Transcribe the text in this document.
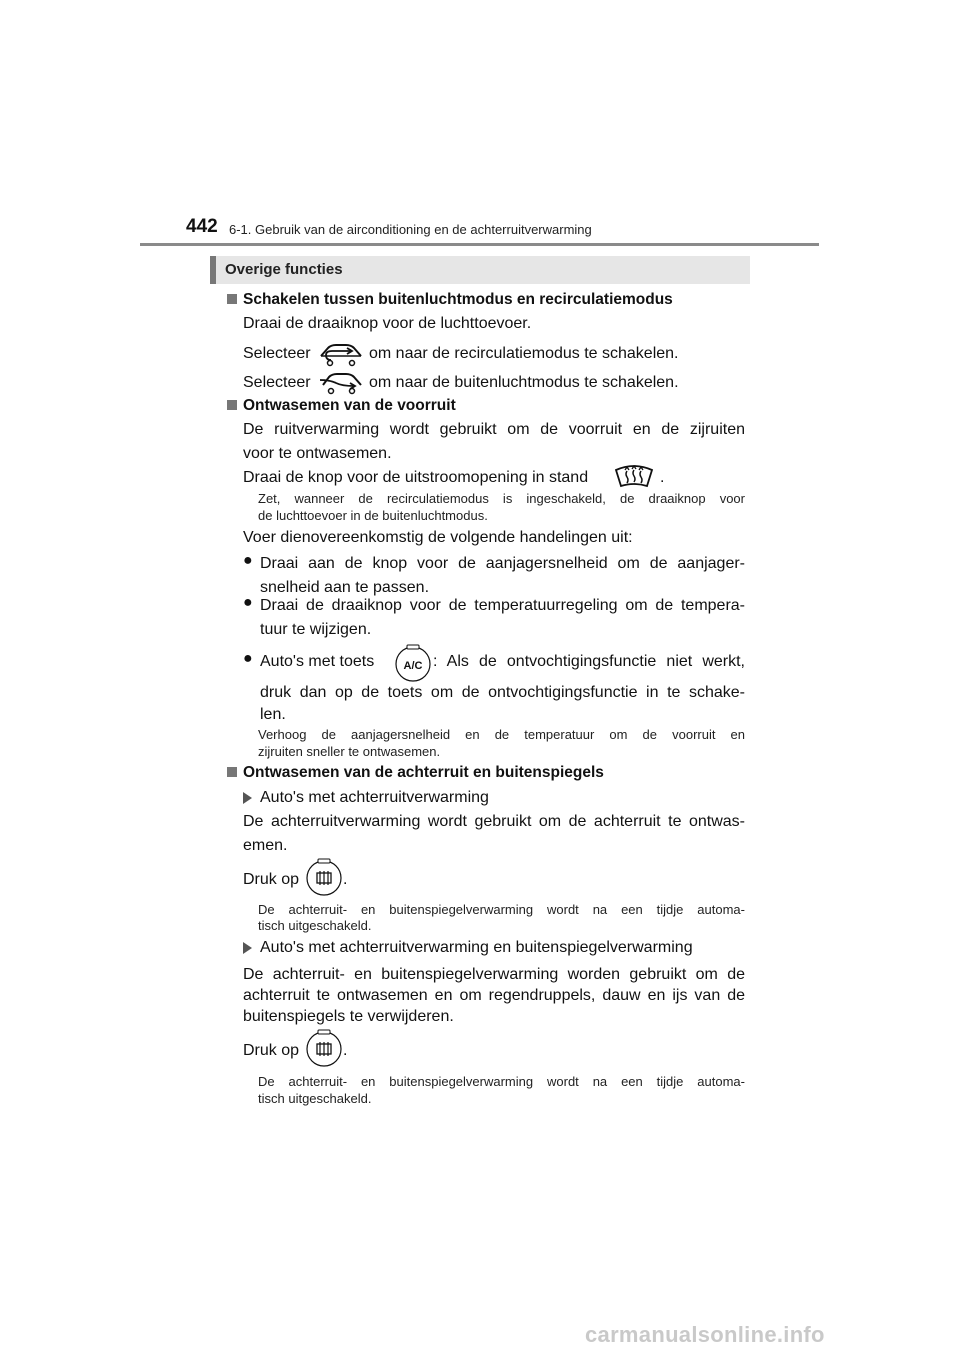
442 6-1. Gebruik van de airconditioning en de achterruitverwarming
Overige functies
Schakelen tussen buitenluchtmodus en recirculatiemodus
Draai de draaiknop voor de luchttoevoer.
Selecteer	om naar de recirculatiemodus te schakelen.
Selecteer	om naar de buitenluchtmodus te schakelen.
Ontwasemen van de voorruit
De ruitverwarming wordt gebruikt om de voorruit en de zijruiten
voor te ontwasemen.
Draai de knop voor de uitstroomopening in stand	.
Zet, wanneer de recirculatiemodus is ingeschakeld, de draaiknop voor
de luchttoevoer in de buitenluchtmodus.
Voer dienovereenkomstig de volgende handelingen uit:
● Draai aan de knop voor de aanjagersnelheid om de aanjager-
snelheid aan te passen.
● Draai de draaiknop voor de temperatuurregeling om de tempera-
tuur te wijzigen.
● Auto's met toets	A/C : Als de ontvochtigingsfunctie niet werkt,
druk dan op de toets om de ontvochtigingsfunctie in te schake-
len.
Verhoog de aanjagersnelheid en de temperatuur om de voorruit en
zijruiten sneller te ontwasemen.
Ontwasemen van de achterruit en buitenspiegels
Auto's met achterruitverwarming
De achterruitverwarming wordt gebruikt om de achterruit te ontwas-
emen.
Druk op	.
De achterruit- en buitenspiegelverwarming wordt na een tijdje automa-
tisch uitgeschakeld.
Auto's met achterruitverwarming en buitenspiegelverwarming
De achterruit- en buitenspiegelverwarming worden gebruikt om de
achterruit te ontwasemen en om regendruppels, dauw en ijs van de
buitenspiegels te verwijderen.
Druk op	.
De achterruit- en buitenspiegelverwarming wordt na een tijdje automa-
tisch uitgeschakeld.
carmanualsonline.info
